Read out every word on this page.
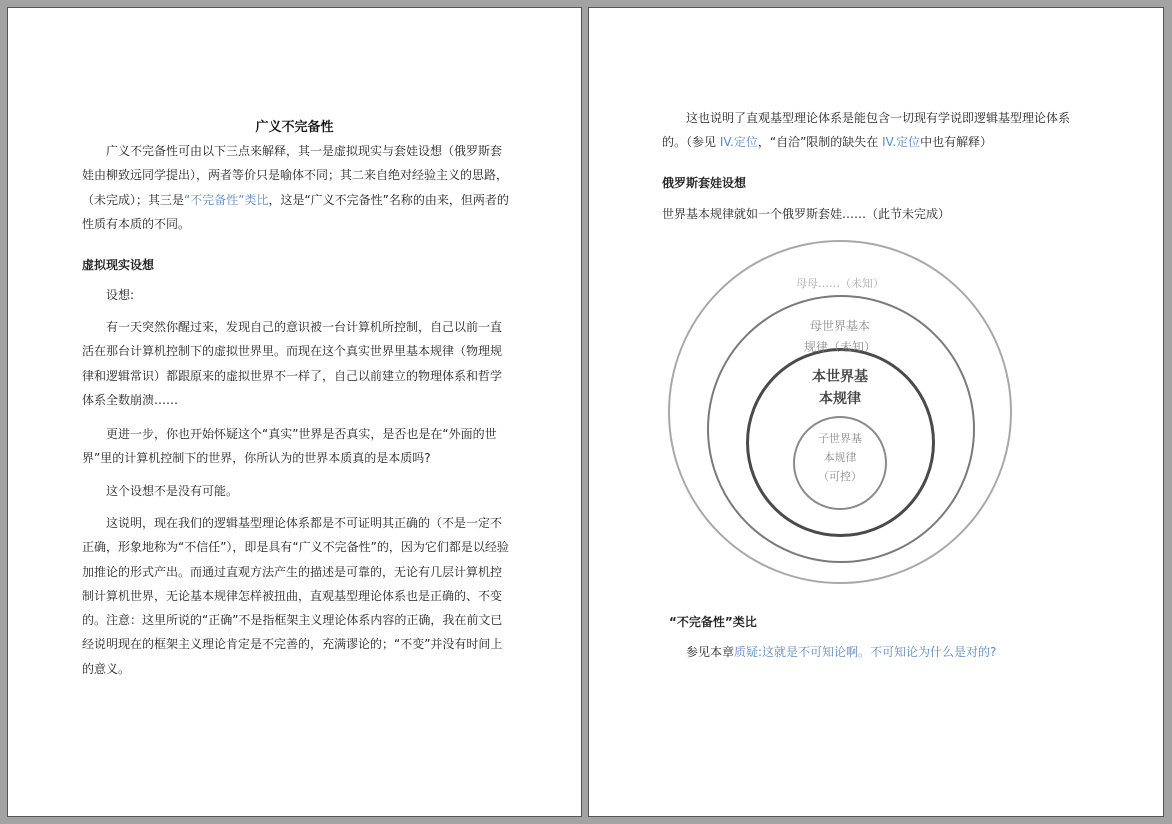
广义不完备性
广义不完备性可由以下三点来解释，其一是虚拟现实与套娃设想（俄罗斯套娃由柳致远同学提出），两者等价只是喻体不同；其二来自绝对经验主义的思路，（未完成）；其三是“不完备性”类比，这是“广义不完备性”名称的由来，但两者的性质有本质的不同。
虚拟现实设想
设想:
有一天突然你醒过来，发现自己的意识被一台计算机所控制，自己以前一直活在那台计算机控制下的虚拟世界里。而现在这个真实世界里基本规律（物理规律和逻辑常识）都跟原来的虚拟世界不一样了，自己以前建立的物理体系和哲学体系全数崩溃……
更进一步，你也开始怀疑这个“真实”世界是否真实，是否也是在“外面的世界”里的计算机控制下的世界，你所认为的世界本质真的是本质吗?
这个设想不是没有可能。
这说明，现在我们的逻辑基型理论体系都是不可证明其正确的（不是一定不正确，形象地称为“不信任”），即是具有“广义不完备性”的，因为它们都是以经验加推论的形式产出。而通过直观方法产生的描述是可靠的，无论有几层计算机控制计算机世界，无论基本规律怎样被扭曲，直观基型理论体系也是正确的、不变的。注意：这里所说的“正确”不是指框架主义理论体系内容的正确，我在前文已经说明现在的框架主义理论肯定是不完善的，充满谬论的；“不变”并没有时间上的意义。
这也说明了直观基型理论体系是能包含一切现有学说即逻辑基型理论体系的。（参见 IV.定位，“自洽”限制的缺失在 IV.定位中也有解释）
俄罗斯套娃设想
世界基本规律就如一个俄罗斯套娃……（此节未完成）
母母……（未知）
母世界基本
规律（未知）
本世界基
本规律
子世界基
本规律
（可控）
“不完备性”类比
参见本章质疑:这就是不可知论啊。不可知论为什么是对的?
